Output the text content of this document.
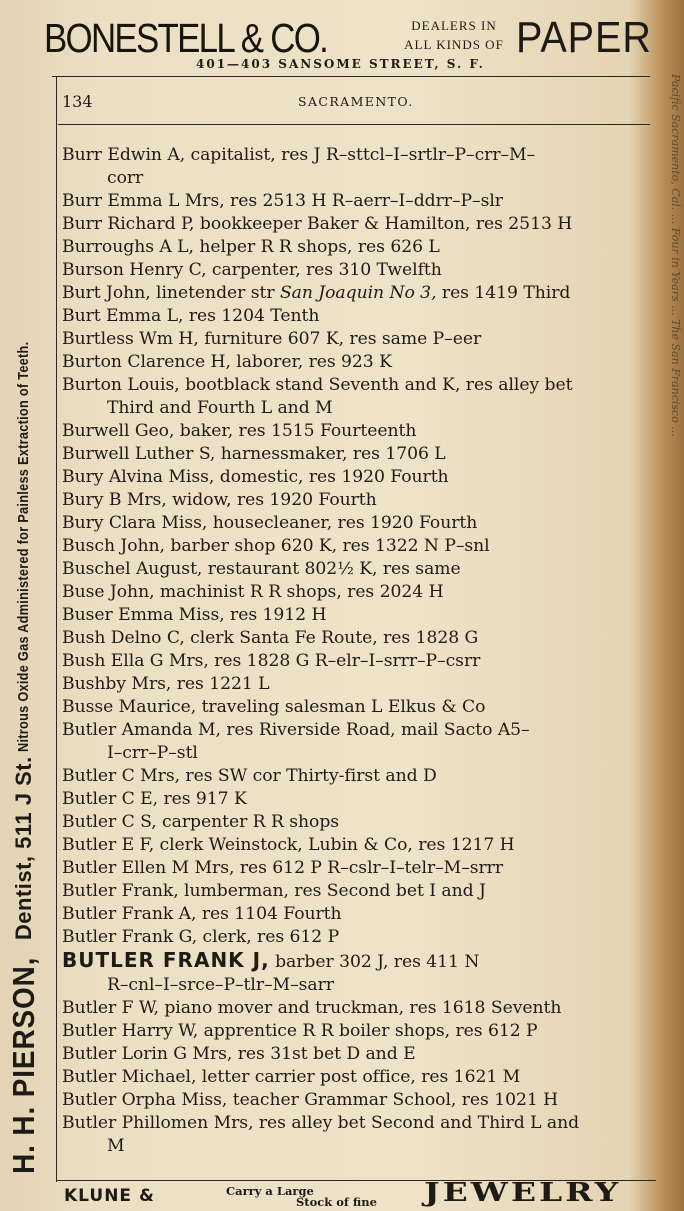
BONESTELL & CO.	DEALERS IN
ALL KINDS OF PAPER
401—403 SANSOME STREET, S. F.
134	SACRAMENTO.
H. H. PIERSON, Dentist, 511 J St. Nitrous Oxide Gas Administered for Painless Extraction of Teeth.
Pacific Sacramento, Cal. ... Four in Years ... The San Francisco ...
Burr Edwin A, capitalist, res J R–sttcl–I–srtlr–P–crr–M–
corr
Burr Emma L Mrs, res 2513 H R–aerr–I–ddrr–P–slr
Burr Richard P, bookkeeper Baker & Hamilton, res 2513 H
Burroughs A L, helper R R shops, res 626 L
Burson Henry C, carpenter, res 310 Twelfth
Burt John, linetender str San Joaquin No 3, res 1419 Third
Burt Emma L, res 1204 Tenth
Burtless Wm H, furniture 607 K, res same P–eer
Burton Clarence H, laborer, res 923 K
Burton Louis, bootblack stand Seventh and K, res alley bet
Third and Fourth L and M
Burwell Geo, baker, res 1515 Fourteenth
Burwell Luther S, harnessmaker, res 1706 L
Bury Alvina Miss, domestic, res 1920 Fourth
Bury B Mrs, widow, res 1920 Fourth
Bury Clara Miss, housecleaner, res 1920 Fourth
Busch John, barber shop 620 K, res 1322 N P–snl
Buschel August, restaurant 802½ K, res same
Buse John, machinist R R shops, res 2024 H
Buser Emma Miss, res 1912 H
Bush Delno C, clerk Santa Fe Route, res 1828 G
Bush Ella G Mrs, res 1828 G R–elr–I–srrr–P–csrr
Bushby Mrs, res 1221 L
Busse Maurice, traveling salesman L Elkus & Co
Butler Amanda M, res Riverside Road, mail Sacto A5–
I–crr–P–stl
Butler C Mrs, res SW cor Thirty-first and D
Butler C E, res 917 K
Butler C S, carpenter R R shops
Butler E F, clerk Weinstock, Lubin & Co, res 1217 H
Butler Ellen M Mrs, res 612 P R–cslr–I–telr–M–srrr
Butler Frank, lumberman, res Second bet I and J
Butler Frank A, res 1104 Fourth
Butler Frank G, clerk, res 612 P
BUTLER FRANK J, barber 302 J, res 411 N
R–cnl–I–srce–P–tlr–M–sarr
Butler F W, piano mover and truckman, res 1618 Seventh
Butler Harry W, apprentice R R boiler shops, res 612 P
Butler Lorin G Mrs, res 31st bet D and E
Butler Michael, letter carrier post office, res 1621 M
Butler Orpha Miss, teacher Grammar School, res 1021 H
Butler Phillomen Mrs, res alley bet Second and Third L and
M
KLUNE &	Carry a Large
Stock of fine JEWELRY
